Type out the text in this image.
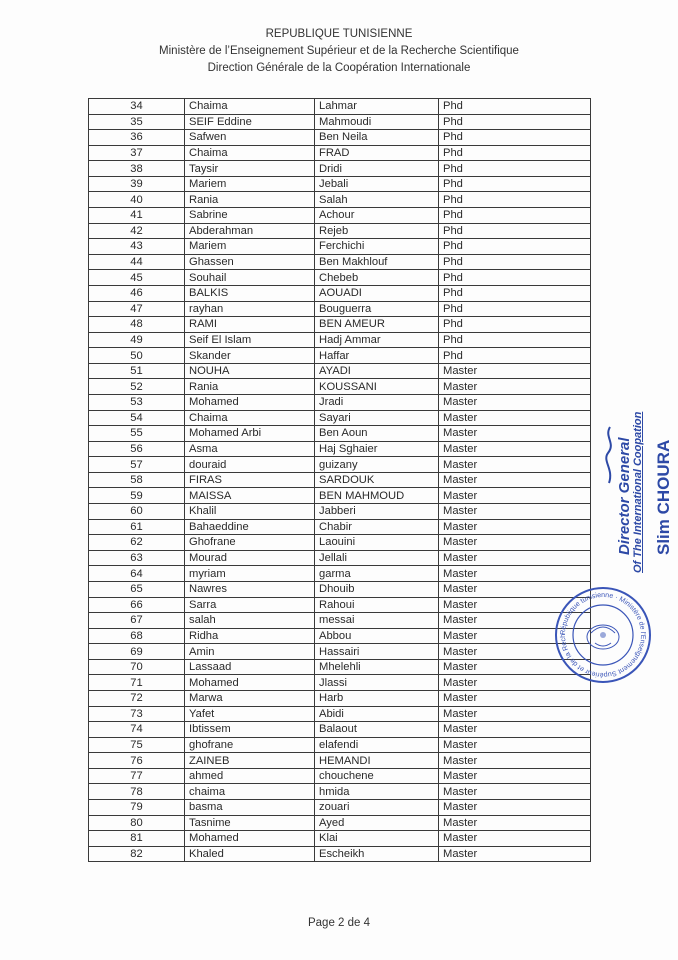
REPUBLIQUE TUNISIENNE
Ministère de l’Enseignement Supérieur et de la Recherche Scientifique
Direction Générale de la Coopération Internationale
34	Chaima	Lahmar	Phd
35	SEIF Eddine	Mahmoudi	Phd
36	Safwen	Ben Neila	Phd
37	Chaima	FRAD	Phd
38	Taysir	Dridi	Phd
39	Mariem	Jebali	Phd
40	Rania	Salah	Phd
41	Sabrine	Achour	Phd
42	Abderahman	Rejeb	Phd
43	Mariem	Ferchichi	Phd
44	Ghassen	Ben Makhlouf	Phd
45	Souhail	Chebeb	Phd
46	BALKIS	AOUADI	Phd
47	rayhan	Bouguerra	Phd
48	RAMI	BEN AMEUR	Phd
49	Seif El Islam	Hadj Ammar	Phd
50	Skander	Haffar	Phd
51	NOUHA	AYADI	Master
52	Rania	KOUSSANI	Master
53	Mohamed	Jradi	Master
54	Chaima	Sayari	Master
55	Mohamed Arbi	Ben Aoun	Master
56	Asma	Haj Sghaier	Master
57	douraid	guizany	Master
58	FIRAS	SARDOUK	Master
59	MAISSA	BEN MAHMOUD	Master
60	Khalil	Jabberi	Master
61	Bahaeddine	Chabir	Master
62	Ghofrane	Laouini	Master
63	Mourad	Jellali	Master
64	myriam	garma	Master
65	Nawres	Dhouib	Master
66	Sarra	Rahoui	Master
67	salah	messai	Master
68	Ridha	Abbou	Master
69	Amin	Hassairi	Master
70	Lassaad	Mhelehli	Master
71	Mohamed	Jlassi	Master
72	Marwa	Harb	Master
73	Yafet	Abidi	Master
74	Ibtissem	Balaout	Master
75	ghofrane	elafendi	Master
76	ZAINEB	HEMANDI	Master
77	ahmed	chouchene	Master
78	chaima	hmida	Master
79	basma	zouari	Master
80	Tasnime	Ayed	Master
81	Mohamed	Klai	Master
82	Khaled	Escheikh	Master
Director General Of The International Coopation Slim CHOURA
République tunisienne · Ministère de l'Enseignement Supérieur et de la Rech
Page 2 de 4
